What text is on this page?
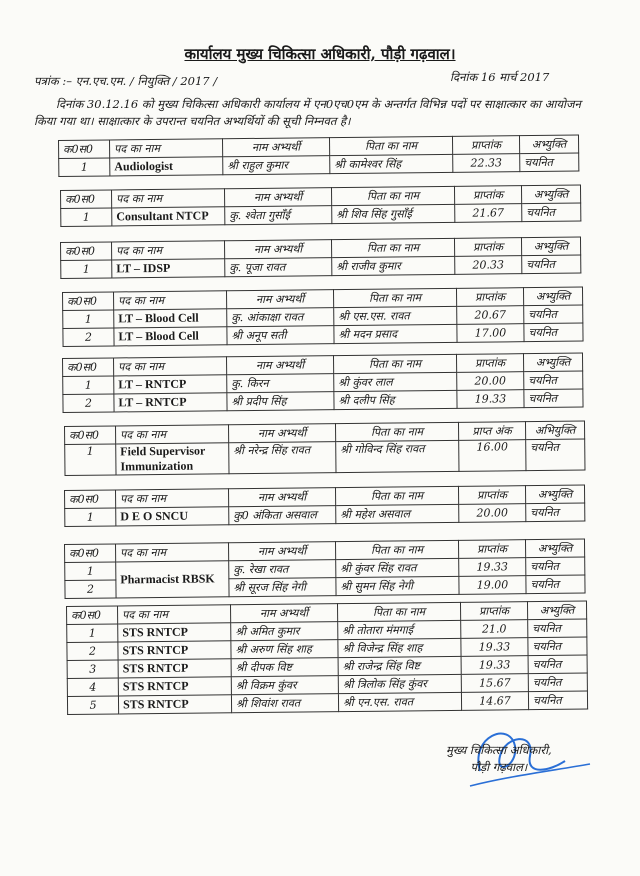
कार्यालय मुख्य चिकित्सा अधिकारी, पौड़ी गढ़वाल।
पत्रांक :– एन.एच.एम. / नियुक्ति / 2017 /	दिनांक 16 मार्च 2017
दिनांक 30.12.16 को मुख्य चिकित्सा अधिकारी कार्यालय में एन0एच0एम के अन्तर्गत विभिन्न पदों पर साक्षात्कार का आयोजन किया गया था। साक्षात्कार के उपरान्त चयनित अभ्यर्थियों की सूची निम्नवत है।
क0स0	पद का नाम	नाम अभ्यर्थी	पिता का नाम	प्राप्तांक	अभ्युक्ति
1	Audiologist	श्री राहुल कुमार	श्री कामेश्वर सिंह	22.33	चयनित
क0स0	पद का नाम	नाम अभ्यर्थी	पिता का नाम	प्राप्तांक	अभ्युक्ति
1	Consultant NTCP	कु. श्वेता गुसाँई	श्री शिव सिंह गुसाँई	21.67	चयनित
क0स0	पद का नाम	नाम अभ्यर्थी	पिता का नाम	प्राप्तांक	अभ्युक्ति
1	LT – IDSP	कु. पूजा रावत	श्री राजीव कुमार	20.33	चयनित
क0स0	पद का नाम	नाम अभ्यर्थी	पिता का नाम	प्राप्तांक	अभ्युक्ति
1	LT – Blood Cell	कु. आंकाक्षा रावत	श्री एस.एस. रावत	20.67	चयनित
2	LT – Blood Cell	श्री अनूप सती	श्री मदन प्रसाद	17.00	चयनित
क0स0	पद का नाम	नाम अभ्यर्थी	पिता का नाम	प्राप्तांक	अभ्युक्ति
1	LT – RNTCP	कु. किरन	श्री कुंवर लाल	20.00	चयनित
2	LT – RNTCP	श्री प्रदीप सिंह	श्री दलीप सिंह	19.33	चयनित
क0स0	पद का नाम	नाम अभ्यर्थी	पिता का नाम	प्राप्त अंक	अभियुक्ति
1	Field Supervisor Immunization	श्री नरेन्द्र सिंह रावत	श्री गोविन्द सिंह रावत	16.00	चयनित
क0स0	पद का नाम	नाम अभ्यर्थी	पिता का नाम	प्राप्तांक	अभ्युक्ति
1	D E O SNCU	कु0 अंकिता असवाल	श्री महेश असवाल	20.00	चयनित
क0स0	पद का नाम	नाम अभ्यर्थी	पिता का नाम	प्राप्तांक	अभ्युक्ति
1	Pharmacist RBSK	कु. रेखा रावत	श्री कुंवर सिंह रावत	19.33	चयनित
2		श्री सूरज सिंह नेगी	श्री सुमन सिंह नेगी	19.00	चयनित
क0स0	पद का नाम	नाम अभ्यर्थी	पिता का नाम	प्राप्तांक	अभ्युक्ति
1	STS RNTCP	श्री अमित कुमार	श्री तोतारा मंमगाई	21.0	चयनित
2	STS RNTCP	श्री अरुण सिंह शाह	श्री विजेन्द्र सिंह शाह	19.33	चयनित
3	STS RNTCP	श्री दीपक विष्ट	श्री राजेन्द्र सिंह विष्ट	19.33	चयनित
4	STS RNTCP	श्री विक्रम कुंवर	श्री त्रिलोक सिंह कुंवर	15.67	चयनित
5	STS RNTCP	श्री शिवांश रावत	श्री एन.एस. रावत	14.67	चयनित
मुख्य चिकित्सा अधिकारी,
पौड़ी गढ़वाल।
